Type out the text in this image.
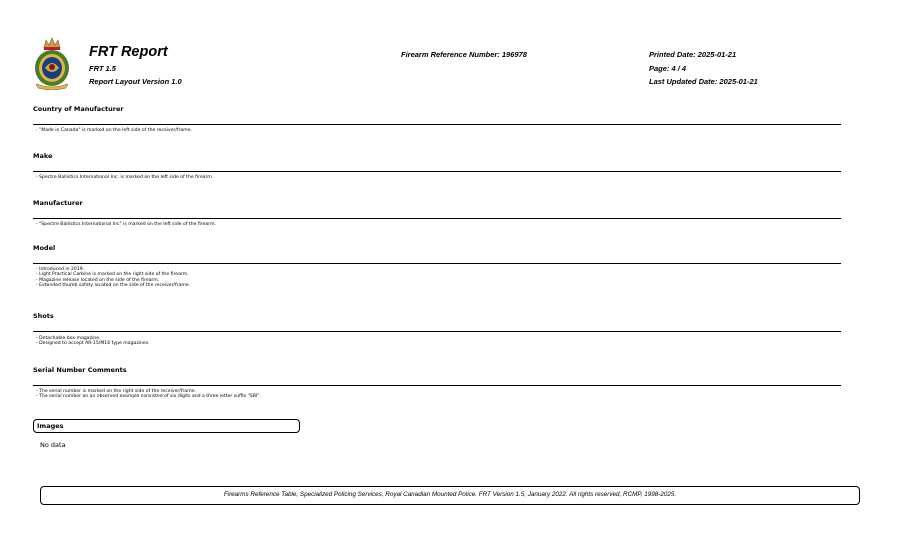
FRT Report
FRT 1.5
Report Layout Version 1.0
Firearm Reference Number: 196978	Printed Date: 2025-01-21
Page: 4 / 4
Last Updated Date: 2025-01-21
Country of Manufacturer
- "Made in Canada" is marked on the left side of the receiver/frame.
Make
- Spectre Ballistics International Inc. is marked on the left side of the firearm.
Manufacturer
- "Spectre Ballistics International Inc" is marked on the left side of the firearm.
Model
- Introduced in 2019.
- Light Practical Carbine is marked on the right side of the firearm.
- Magazine release located on the side of the firearm.
- Extended thumb safety located on the side of the receiver/frame.
Shots
- Detachable box magazine.
- Designed to accept AR-15/M16 type magazines.
Serial Number Comments
- The serial number is marked on the right side of the receiver/frame.
- The serial number on an observed example consisted of six digits and a three letter suffix "SBI".
Images
No data
Firearms Reference Table, Specialized Policing Services, Royal Canadian Mounted Police. FRT Version 1.5, January 2022. All rights reserved, RCMP, 1998-2025.
